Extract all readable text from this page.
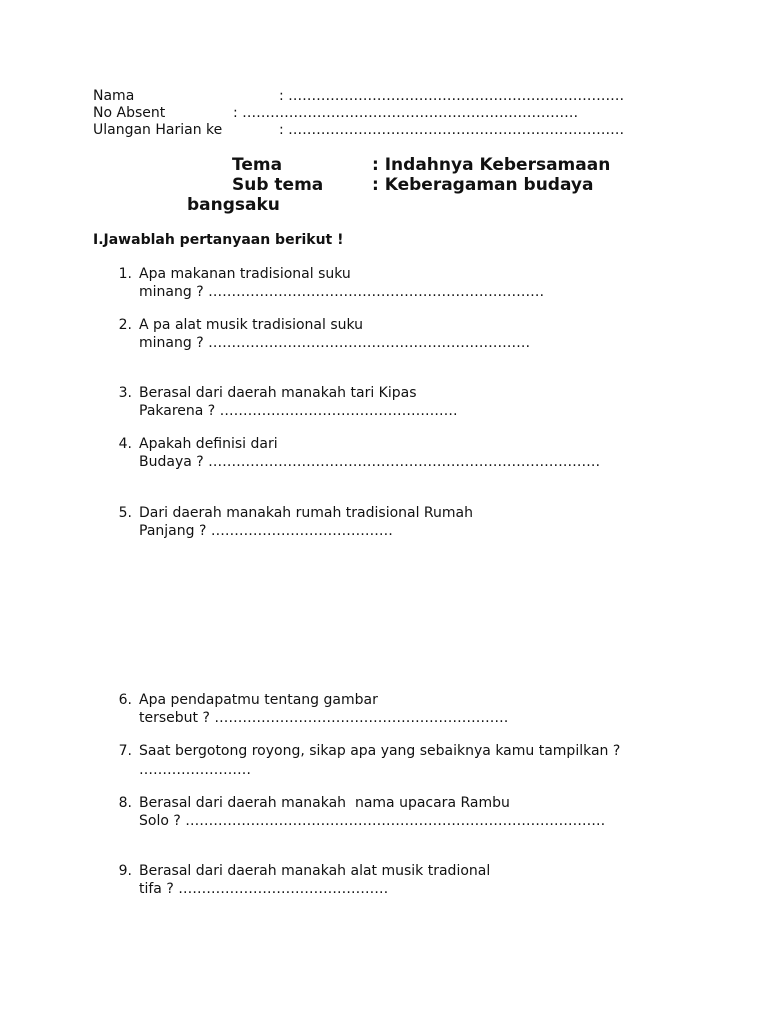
Nama	: ………………………………………………………………
No Absent	: ………………………………………………………………
Ulangan Harian ke	: ………………………………………………………………
Tema	: Indahnya Kebersamaan
Sub tema	: Keberagaman budaya
bangsaku
I.Jawablah pertanyaan berikut !
1. Apa makanan tradisional suku
minang ? ………………………………………………………………
2. A pa alat musik tradisional suku
minang ? ……………………………………………………………
3. Berasal dari daerah manakah tari Kipas
Pakarena ? ……………………………………………
4. Apakah definisi dari
Budaya ? …………………………………………………………………………
5. Dari daerah manakah rumah tradisional Rumah
Panjang ? …………………………………
6. Apa pendapatmu tentang gambar
tersebut ? ………………………………………………………
7. Saat bergotong royong, sikap apa yang sebaiknya kamu tampilkan ?
……………………
8. Berasal dari daerah manakah  nama upacara Rambu
Solo ? ………………………………………………………………………………
9. Berasal dari daerah manakah alat musik tradional
tifa ? ………………………………………
